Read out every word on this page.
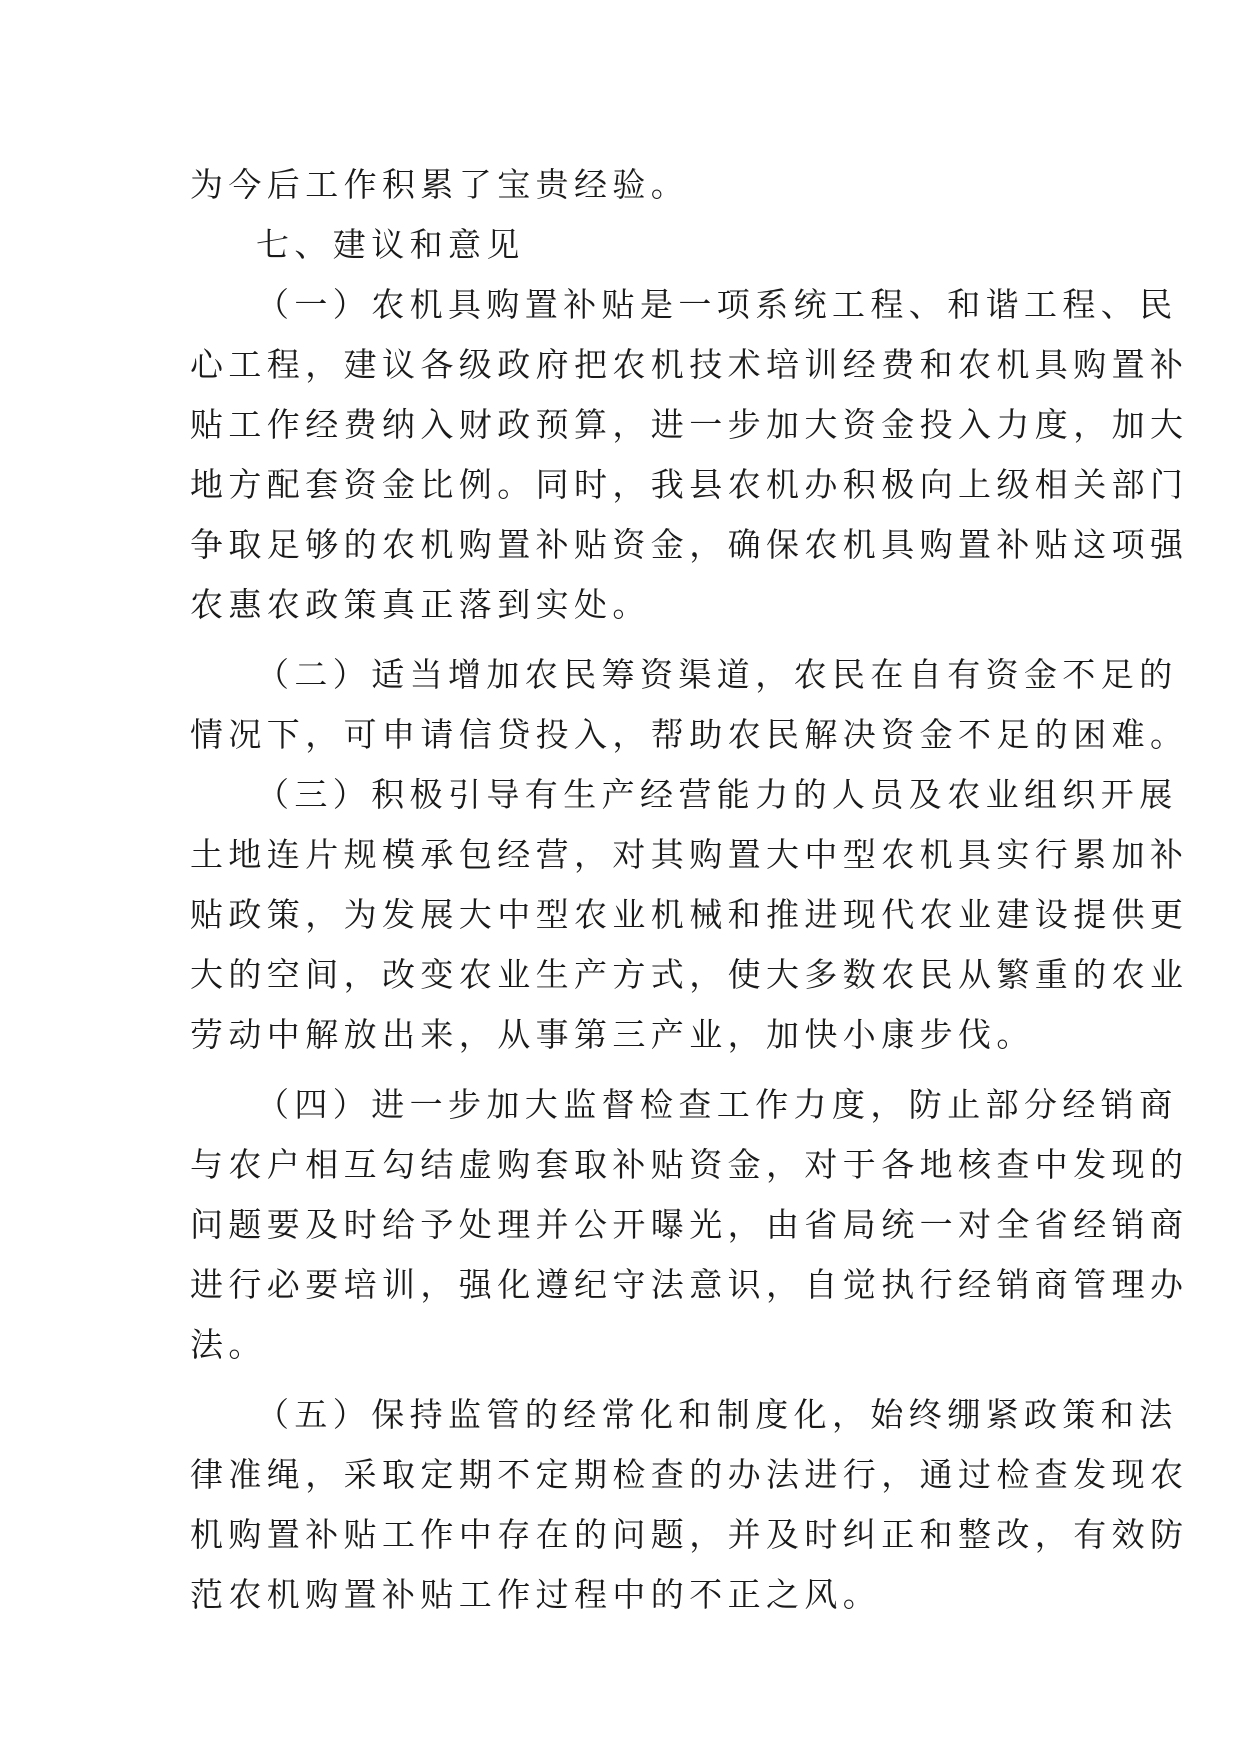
为今后工作积累了宝贵经验。
七、建议和意见
（一）农机具购置补贴是一项系统工程、和谐工程、民
心工程，建议各级政府把农机技术培训经费和农机具购置补
贴工作经费纳入财政预算，进一步加大资金投入力度，加大
地方配套资金比例。同时，我县农机办积极向上级相关部门
争取足够的农机购置补贴资金，确保农机具购置补贴这项强
农惠农政策真正落到实处。
（二）适当增加农民筹资渠道，农民在自有资金不足的
情况下，可申请信贷投入，帮助农民解决资金不足的困难。
（三）积极引导有生产经营能力的人员及农业组织开展
土地连片规模承包经营，对其购置大中型农机具实行累加补
贴政策，为发展大中型农业机械和推进现代农业建设提供更
大的空间，改变农业生产方式，使大多数农民从繁重的农业
劳动中解放出来，从事第三产业，加快小康步伐。
（四）进一步加大监督检查工作力度，防止部分经销商
与农户相互勾结虚购套取补贴资金，对于各地核查中发现的
问题要及时给予处理并公开曝光，由省局统一对全省经销商
进行必要培训，强化遵纪守法意识，自觉执行经销商管理办
法。
（五）保持监管的经常化和制度化，始终绷紧政策和法
律准绳，采取定期不定期检查的办法进行，通过检查发现农
机购置补贴工作中存在的问题，并及时纠正和整改，有效防
范农机购置补贴工作过程中的不正之风。
